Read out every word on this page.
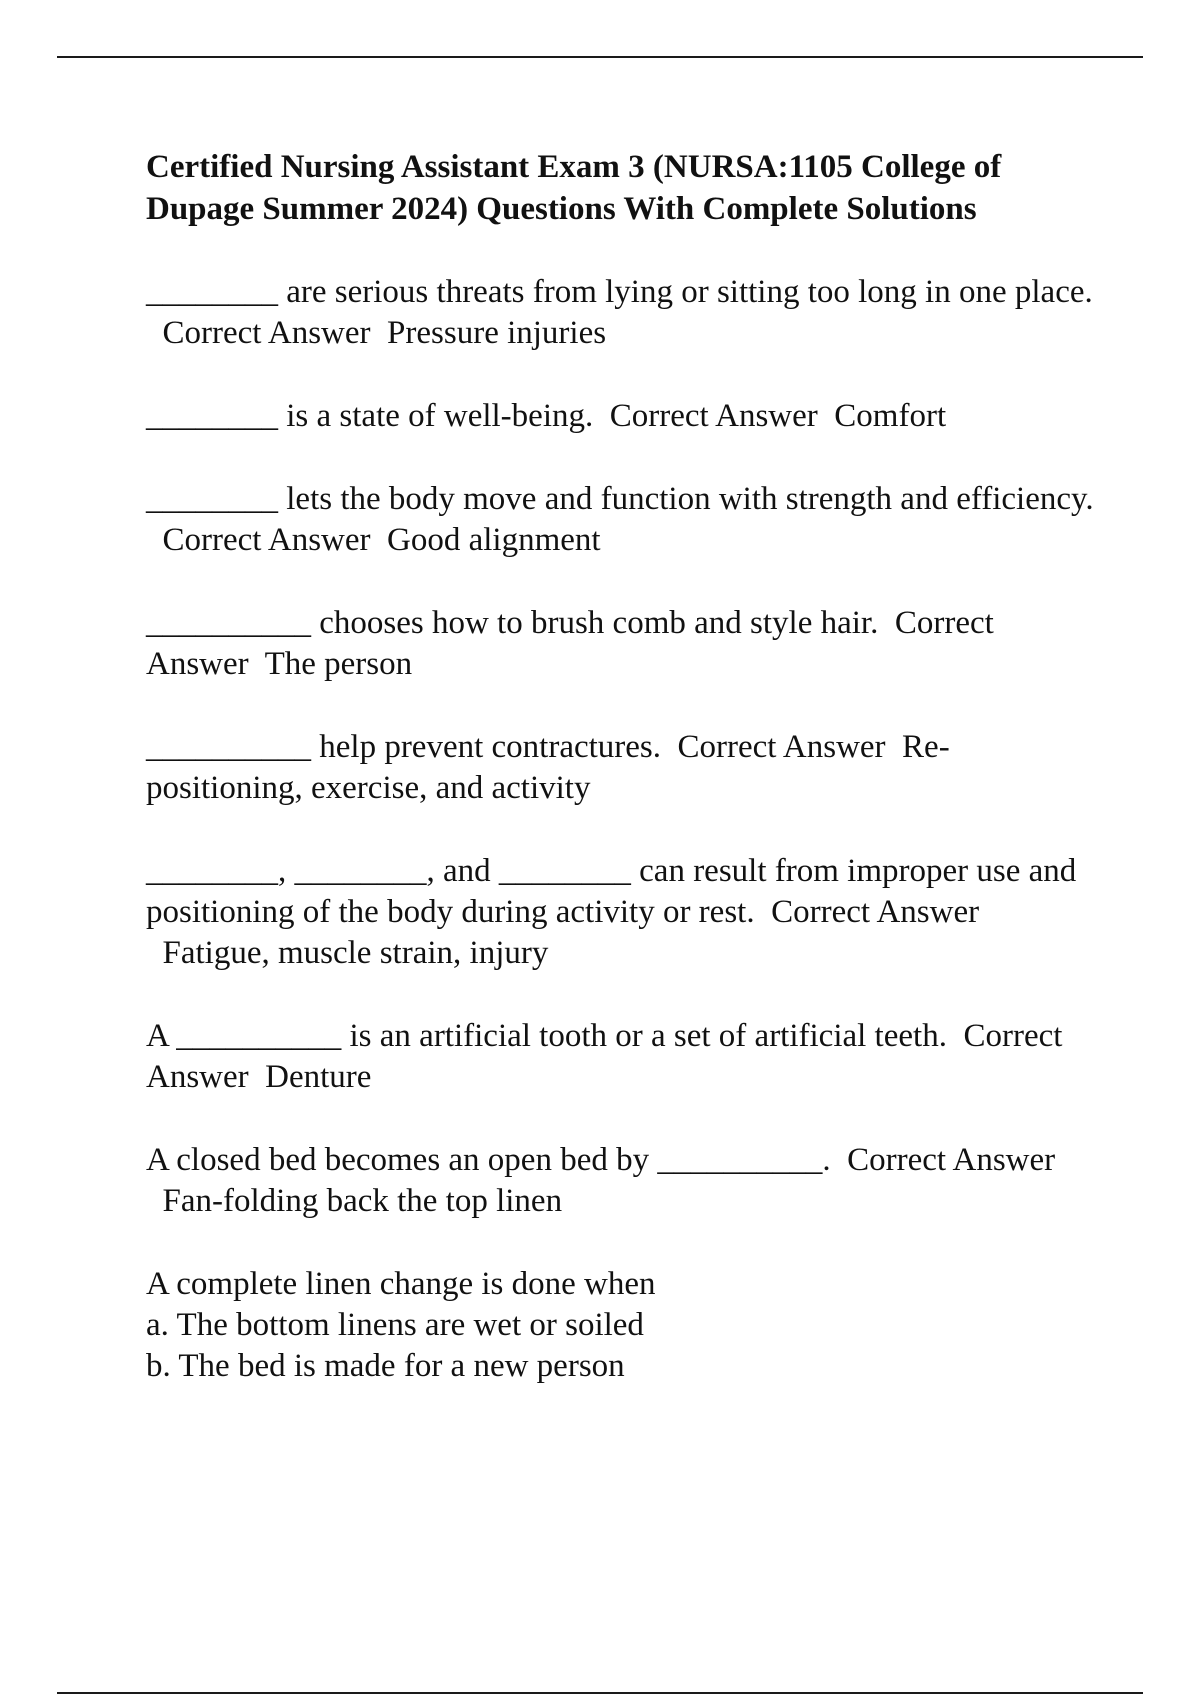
Certified Nursing Assistant Exam 3 (NURSA:1105 College of Dupage Summer 2024) Questions With Complete Solutions

________ are serious threats from lying or sitting too long in one place.  Correct Answer Pressure injuries

________ is a state of well-being. Correct Answer Comfort

________ lets the body move and function with strength and efficiency.  Correct Answer Good alignment

__________ chooses how to brush comb and style hair. Correct Answer The person

__________ help prevent contractures. Correct Answer Re-positioning, exercise, and activity

________, ________, and ________ can result from improper use and positioning of the body during activity or rest. Correct Answer  Fatigue, muscle strain, injury

A __________ is an artificial tooth or a set of artificial teeth. Correct Answer Denture

A closed bed becomes an open bed by __________. Correct Answer  Fan-folding back the top linen

A complete linen change is done when
a. The bottom linens are wet or soiled
b. The bed is made for a new person
